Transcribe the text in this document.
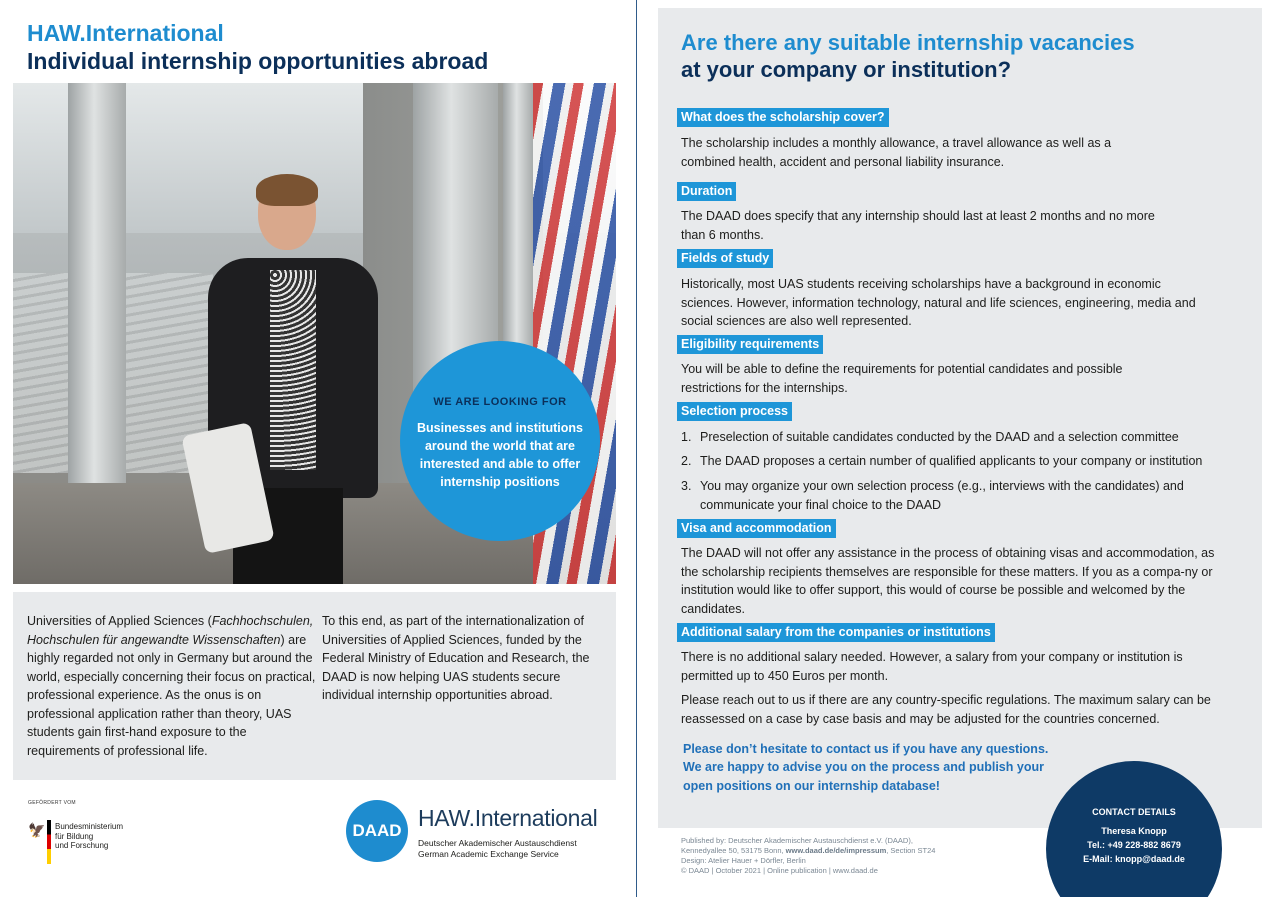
HAW.International
Individual internship opportunities abroad
WE ARE LOOKING FOR
Businesses and institutions around the world that are interested and able to offer internship positions
Universities of Applied Sciences (Fachhochschulen, Hochschulen für angewandte Wissenschaften) are highly regarded not only in Germany but around the world, especially concerning their focus on practical, professional experience. As the onus is on professional application rather than theory, UAS students gain first-hand exposure to the requirements of professional life.
To this end, as part of the internationalization of Universities of Applied Sciences, funded by the Federal Ministry of Education and Research, the DAAD is now helping UAS students secure individual internship opportunities abroad.
GEFÖRDERT VOM
🦅 Bundesministerium
für Bildung
und Forschung
DAAD HAW.International
Deutscher Akademischer Austauschdienst
German Academic Exchange Service
Are there any suitable internship vacancies
at your company or institution?
What does the scholarship cover?
The scholarship includes a monthly allowance, a travel allowance as well as a combined health, accident and personal liability insurance.
Duration
The DAAD does specify that any internship should last at least 2 months and no more than 6 months.
Fields of study
Historically, most UAS students receiving scholarships have a background in economic sciences. However, information technology, natural and life sciences, engineering, media and social sciences are also well represented.
Eligibility requirements
You will be able to define the requirements for potential candidates and possible restrictions for the internships.
Selection process
1. Preselection of suitable candidates conducted by the DAAD and a selection committee
2. The DAAD proposes a certain number of qualified applicants to your company or institution
3. You may organize your own selection process (e.g., interviews with the candidates) and communicate your final choice to the DAAD
Visa and accommodation
The DAAD will not offer any assistance in the process of obtaining visas and accommodation, as the scholarship recipients themselves are responsible for these matters. If you as a compa-ny or institution would like to offer support, this would of course be possible and welcomed by the candidates.
Additional salary from the companies or institutions
There is no additional salary needed. However, a salary from your company or institution is permitted up to 450 Euros per month.
Please reach out to us if there are any country-specific regulations. The maximum salary can be reassessed on a case by case basis and may be adjusted for the countries concerned.
Please don’t hesitate to contact us if you have any questions.
We are happy to advise you on the process and publish your
open positions on our internship database!
Published by: Deutscher Akademischer Austauschdienst e.V. (DAAD),
Kennedyallee 50, 53175 Bonn, www.daad.de/de/impressum, Section ST24
Design: Atelier Hauer + Dörfler, Berlin
© DAAD | October 2021 | Online publication | www.daad.de
CONTACT DETAILS
Theresa Knopp
Tel.: +49 228-882 8679
E-Mail: knopp@daad.de
